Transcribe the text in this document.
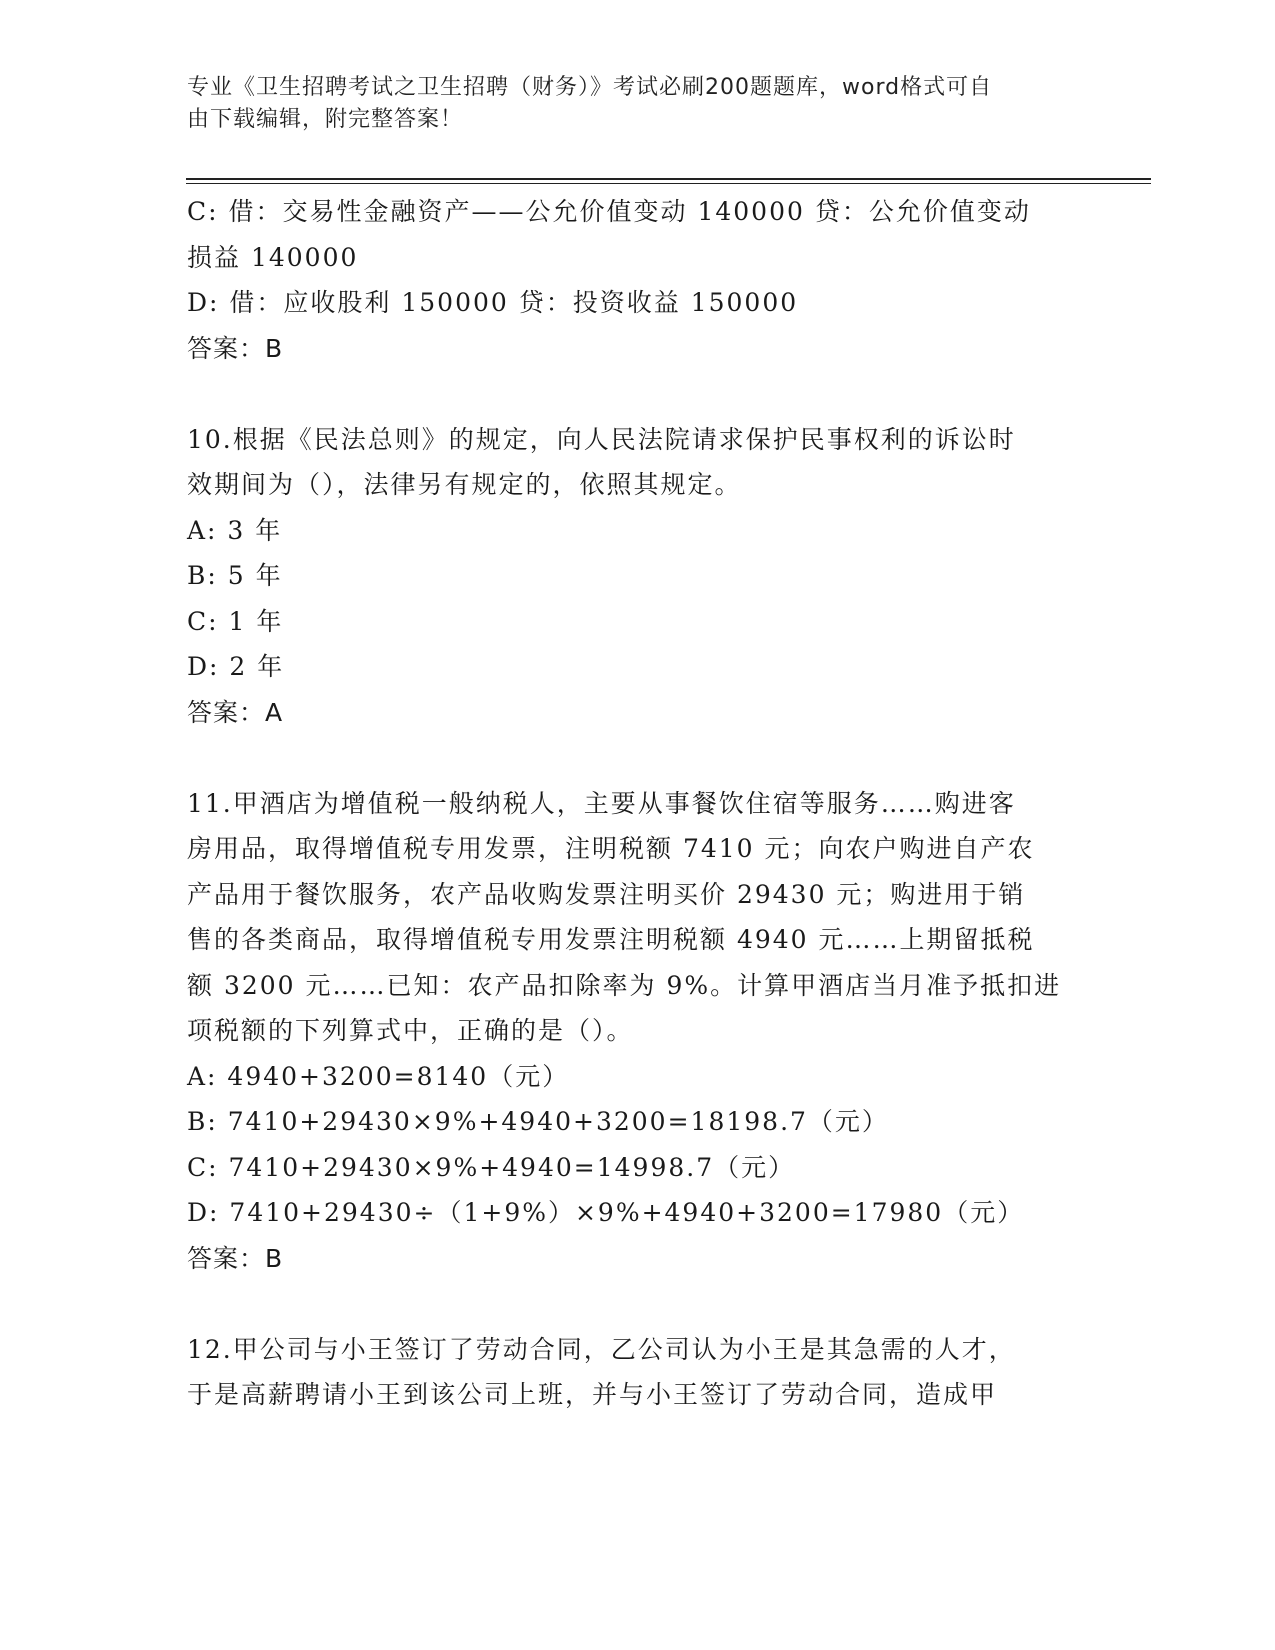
专业《卫生招聘考试之卫生招聘（财务）》考试必刷200题题库，word格式可自
由下载编辑，附完整答案！
C: 借：交易性金融资产——公允价值变动 140000 贷：公允价值变动
损益 140000
D: 借：应收股利 150000 贷：投资收益 150000
答案：B
10.根据《民法总则》的规定，向人民法院请求保护民事权利的诉讼时
效期间为（），法律另有规定的，依照其规定。
A: 3 年
B: 5 年
C: 1 年
D: 2 年
答案：A
11.甲酒店为增值税一般纳税人，主要从事餐饮住宿等服务……购进客
房用品，取得增值税专用发票，注明税额 7410 元；向农户购进自产农
产品用于餐饮服务，农产品收购发票注明买价 29430 元；购进用于销
售的各类商品，取得增值税专用发票注明税额 4940 元……上期留抵税
额 3200 元……已知：农产品扣除率为 9%。计算甲酒店当月准予抵扣进
项税额的下列算式中，正确的是（）。
A: 4940+3200=8140（元）
B: 7410+29430×9%+4940+3200=18198.7（元）
C: 7410+29430×9%+4940=14998.7（元）
D: 7410+29430÷（1+9%）×9%+4940+3200=17980（元）
答案：B
12.甲公司与小王签订了劳动合同，乙公司认为小王是其急需的人才，
于是高薪聘请小王到该公司上班，并与小王签订了劳动合同，造成甲
